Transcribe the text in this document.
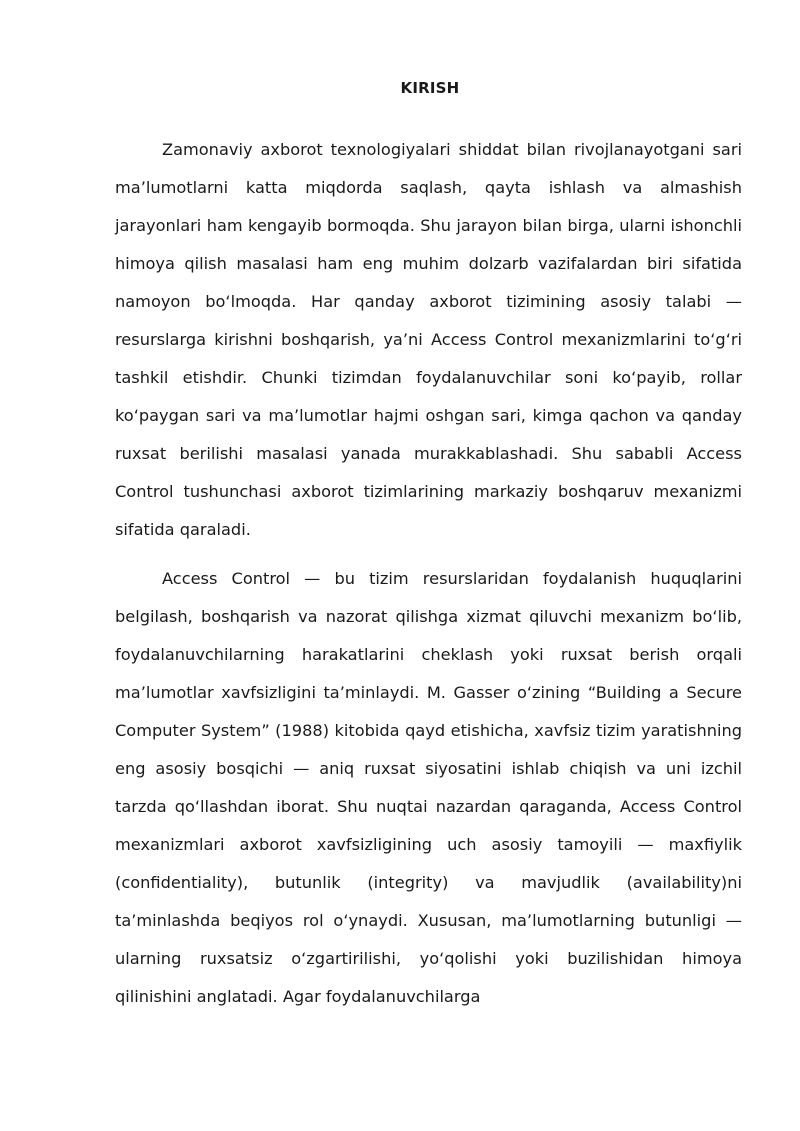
KIRISH

Zamonaviy axborot texnologiyalari shiddat bilan rivojlanayotgani sari ma’lumotlarni katta miqdorda saqlash, qayta ishlash va almashish jarayonlari ham kengayib bormoqda. Shu jarayon bilan birga, ularni ishonchli himoya qilish masalasi ham eng muhim dolzarb vazifalardan biri sifatida namoyon bo‘lmoqda. Har qanday axborot tizimining asosiy talabi — resurslarga kirishni boshqarish, ya’ni Access Control mexanizmlarini to‘g‘ri tashkil etishdir. Chunki tizimdan foydalanuvchilar soni ko‘payib, rollar ko‘paygan sari va ma’lumotlar hajmi oshgan sari, kimga qachon va qanday ruxsat berilishi masalasi yanada murakkablashadi. Shu sababli Access Control tushunchasi axborot tizimlarining markaziy boshqaruv mexanizmi sifatida qaraladi.

Access Control — bu tizim resurslaridan foydalanish huquqlarini belgilash, boshqarish va nazorat qilishga xizmat qiluvchi mexanizm bo‘lib, foydalanuvchilarning harakatlarini cheklash yoki ruxsat berish orqali ma’lumotlar xavfsizligini ta’minlaydi. M. Gasser o‘zining “Building a Secure Computer System” (1988) kitobida qayd etishicha, xavfsiz tizim yaratishning eng asosiy bosqichi — aniq ruxsat siyosatini ishlab chiqish va uni izchil tarzda qo‘llashdan iborat. Shu nuqtai nazardan qaraganda, Access Control mexanizmlari axborot xavfsizligining uch asosiy tamoyili — maxfiylik (confidentiality), butunlik (integrity) va mavjudlik (availability)ni ta’minlashda beqiyos rol o‘ynaydi. Xususan, ma’lumotlarning butunligi — ularning ruxsatsiz o‘zgartirilishi, yo‘qolishi yoki buzilishidan himoya qilinishini anglatadi. Agar foydalanuvchilarga
